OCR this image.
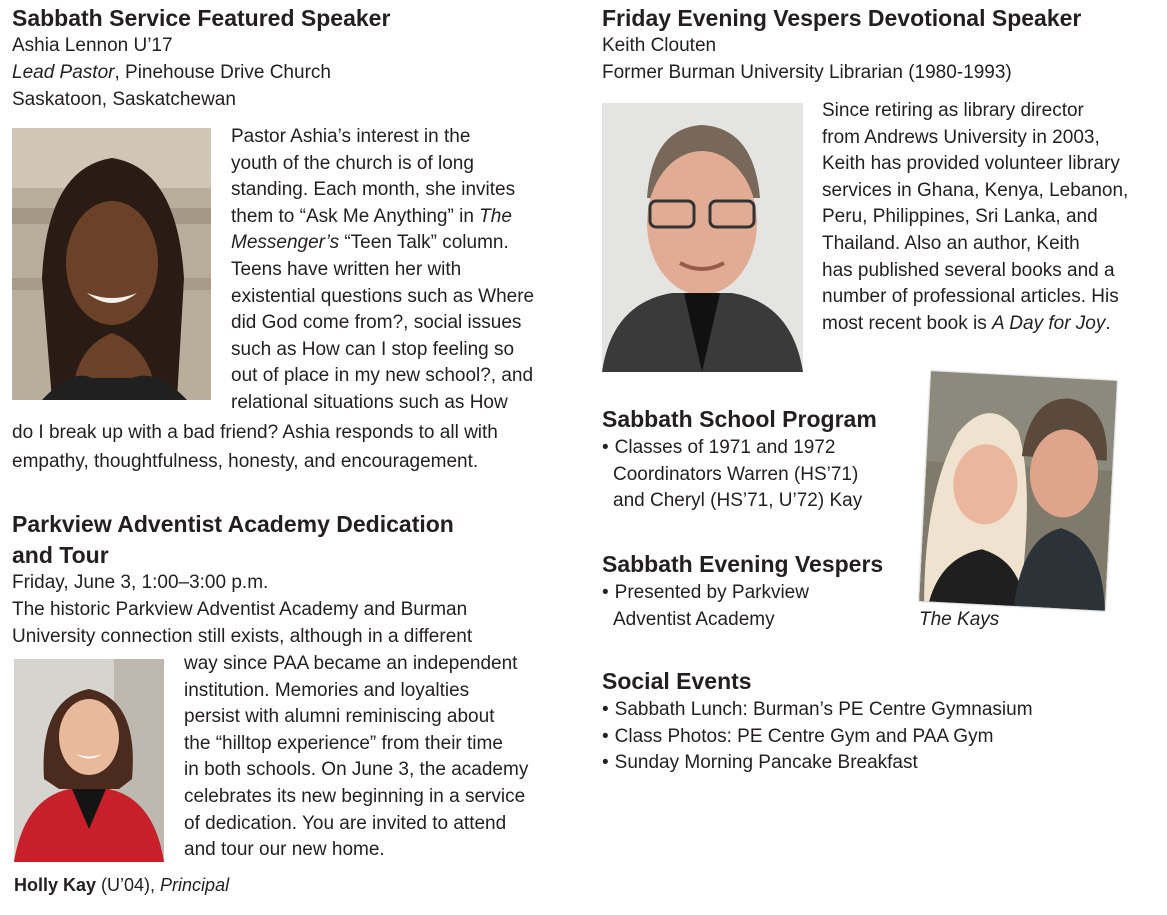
Sabbath Service Featured Speaker
Ashia Lennon U’17
Lead Pastor, Pinehouse Drive Church
Saskatoon, Saskatchewan
Pastor Ashia’s interest in the
youth of the church is of long
standing. Each month, she invites
them to “Ask Me Anything” in The
Messenger’s “Teen Talk” column.
Teens have written her with
existential questions such as Where
did God come from?, social issues
such as How can I stop feeling so
out of place in my new school?, and
relational situations such as How
do I break up with a bad friend? Ashia responds to all with
empathy, thoughtfulness, honesty, and encouragement.
Parkview Adventist Academy Dedication
and Tour
Friday, June 3, 1:00–3:00 p.m.
The historic Parkview Adventist Academy and Burman
University connection still exists, although in a different
way since PAA became an independent
institution. Memories and loyalties
persist with alumni reminiscing about
the “hilltop experience” from their time
in both schools. On June 3, the academy
celebrates its new beginning in a service
of dedication. You are invited to attend
and tour our new home.
Holly Kay (U’04), Principal
Friday Evening Vespers Devotional Speaker
Keith Clouten
Former Burman University Librarian (1980-1993)
Since retiring as library director
from Andrews University in 2003,
Keith has provided volunteer library
services in Ghana, Kenya, Lebanon,
Peru, Philippines, Sri Lanka, and
Thailand. Also an author, Keith
has published several books and a
number of professional articles. His
most recent book is A Day for Joy.
Sabbath School Program
• Classes of 1971 and 1972
Coordinators Warren (HS’71)
and Cheryl (HS’71, U’72) Kay
Sabbath Evening Vespers
• Presented by Parkview
Adventist Academy
Social Events
• Sabbath Lunch: Burman’s PE Centre Gymnasium
• Class Photos: PE Centre Gym and PAA Gym
• Sunday Morning Pancake Breakfast
The Kays
